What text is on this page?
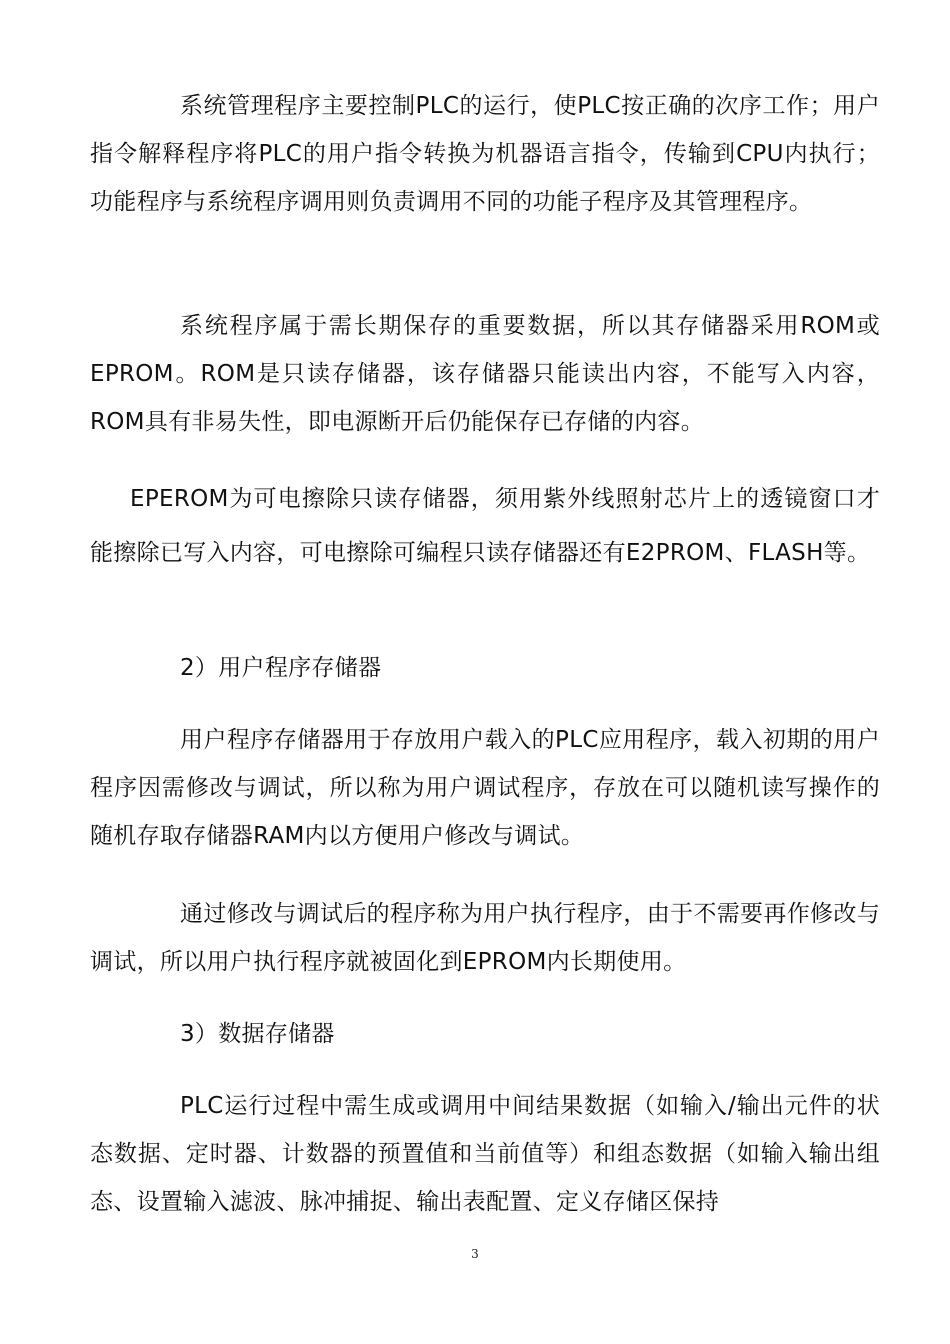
系统管理程序主要控制PLC的运行，使PLC按正确的次序工作；用户指令解释程序将PLC的用户指令转换为机器语言指令，传输到CPU内执行；功能程序与系统程序调用则负责调用不同的功能子程序及其管理程序。

系统程序属于需长期保存的重要数据，所以其存储器采用ROM或EPROM。ROM是只读存储器，该存储器只能读出内容，不能写入内容，ROM具有非易失性，即电源断开后仍能保存已存储的内容。

EPEROM为可电擦除只读存储器，须用紫外线照射芯片上的透镜窗口才能擦除已写入内容，可电擦除可编程只读存储器还有E2PROM、FLASH等。

2）用户程序存储器

用户程序存储器用于存放用户载入的PLC应用程序，载入初期的用户程序因需修改与调试，所以称为用户调试程序，存放在可以随机读写操作的随机存取存储器RAM内以方便用户修改与调试。

通过修改与调试后的程序称为用户执行程序，由于不需要再作修改与调试，所以用户执行程序就被固化到EPROM内长期使用。

3）数据存储器

PLC运行过程中需生成或调用中间结果数据（如输入/输出元件的状态数据、定时器、计数器的预置值和当前值等）和组态数据（如输入输出组态、设置输入滤波、脉冲捕捉、输出表配置、定义存储区保持

3
